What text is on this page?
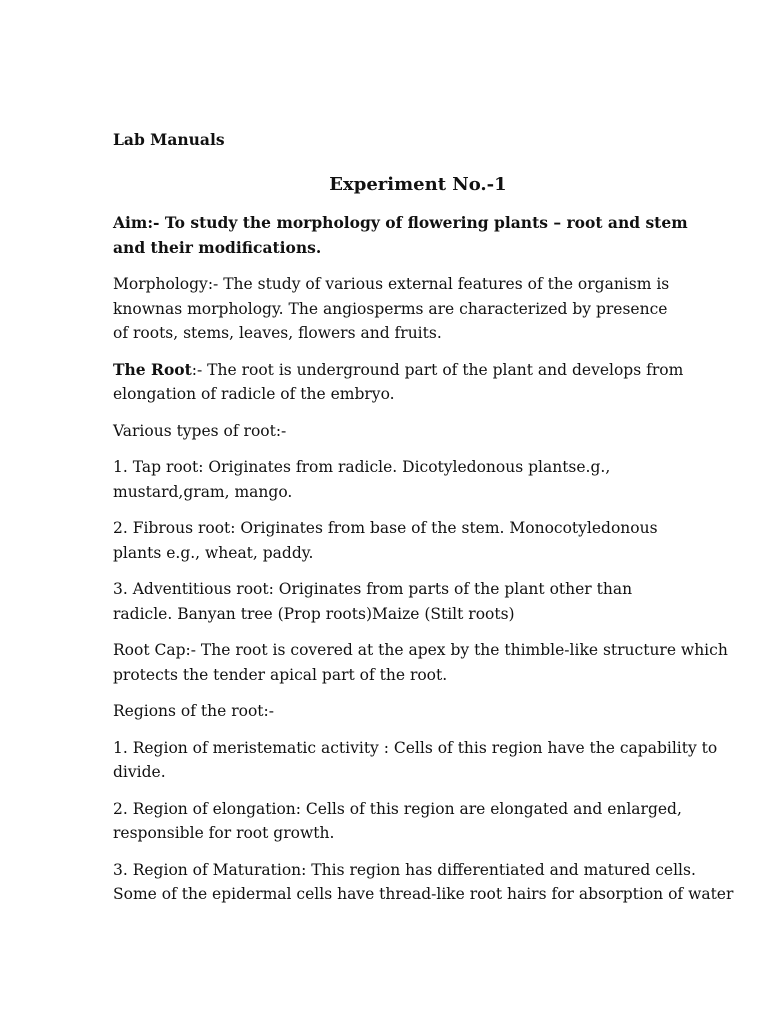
Lab Manuals
Experiment No.-1
Aim:- To study the morphology of flowering plants – root and stem
and their modifications.
Morphology:- The study of various external features of the organism is
knownas morphology. The angiosperms are characterized by presence
of roots, stems, leaves, flowers and fruits.
The Root:- The root is underground part of the plant and develops from
elongation of radicle of the embryo.
Various types of root:-
1. Tap root: Originates from radicle. Dicotyledonous plantse.g.,
mustard,gram, mango.
2. Fibrous root: Originates from base of the stem. Monocotyledonous
plants e.g., wheat, paddy.
3. Adventitious root: Originates from parts of the plant other than
radicle. Banyan tree (Prop roots)Maize (Stilt roots)
Root Cap:- The root is covered at the apex by the thimble-like structure which
protects the tender apical part of the root.
Regions of the root:-
1. Region of meristematic activity : Cells of this region have the capability to
divide.
2. Region of elongation: Cells of this region are elongated and enlarged,
responsible for root growth.
3. Region of Maturation: This region has differentiated and matured cells.
Some of the epidermal cells have thread-like root hairs for absorption of water
